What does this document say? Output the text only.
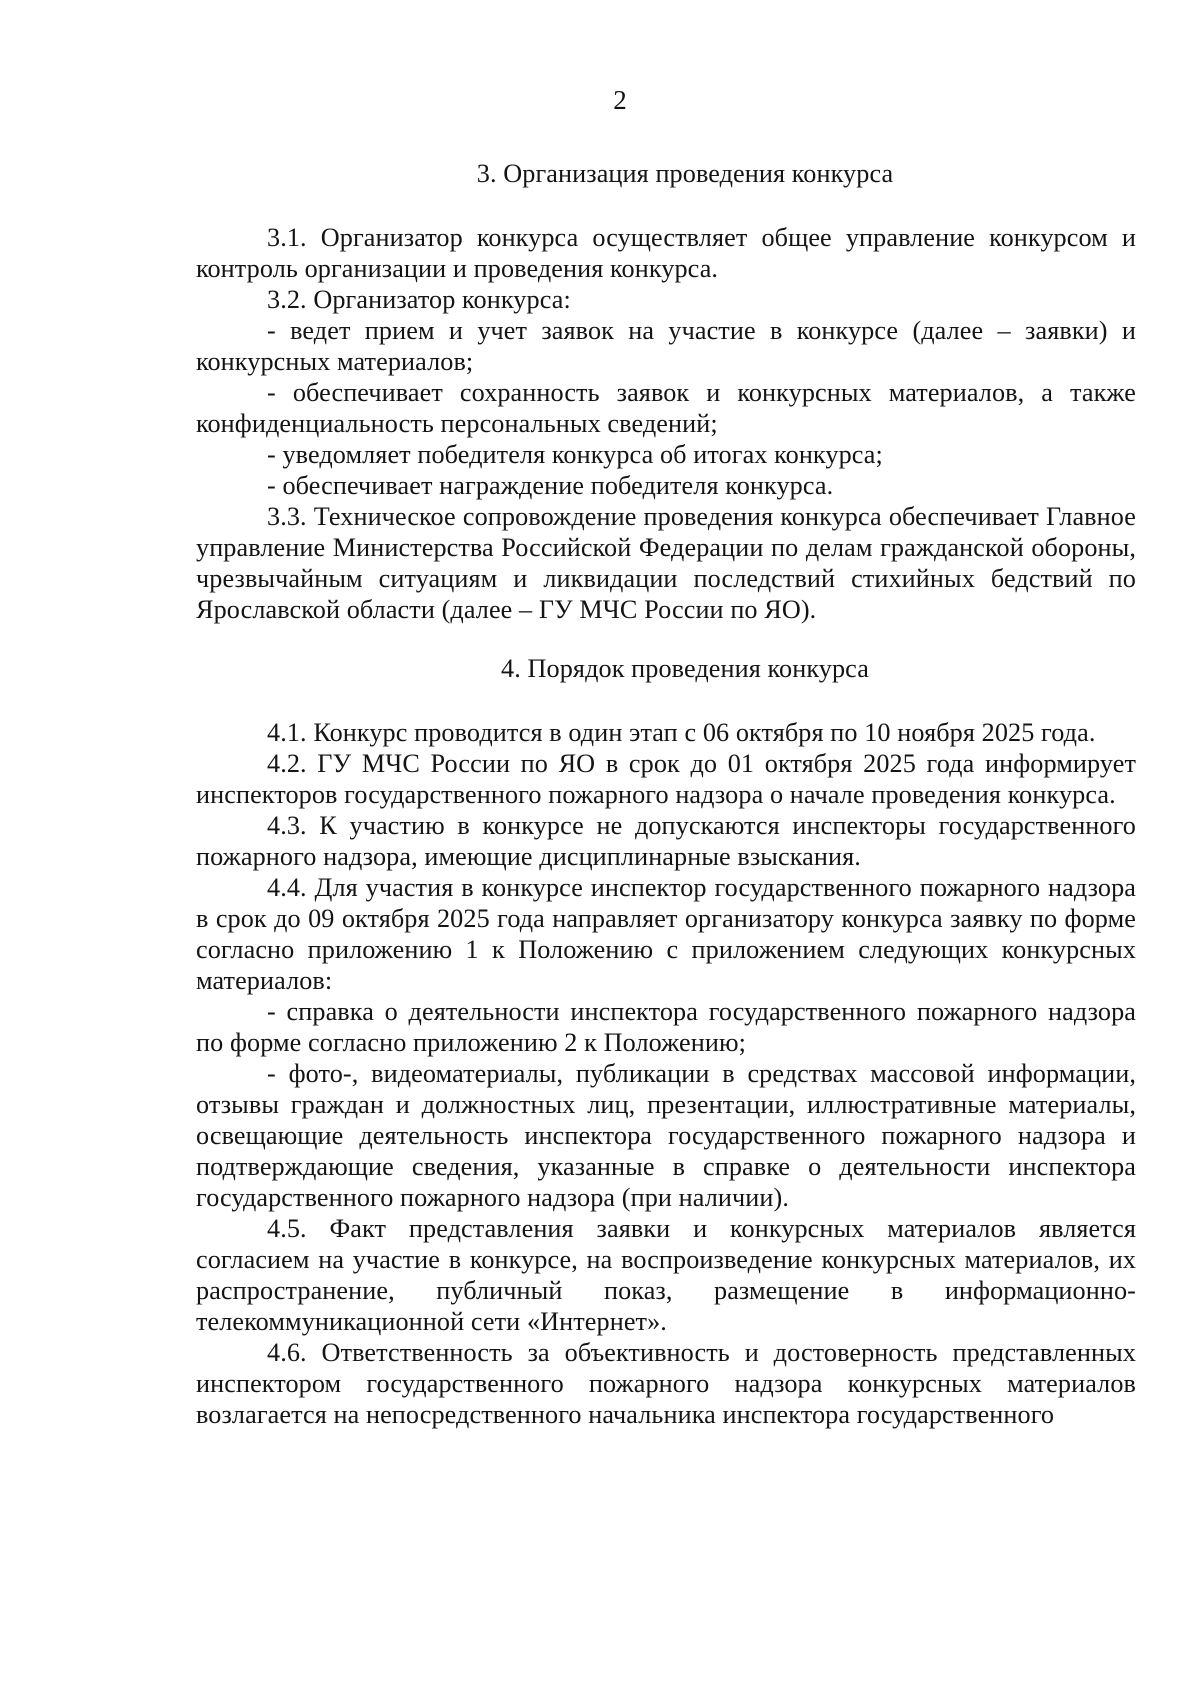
2
3. Организация проведения конкурса

3.1. Организатор конкурса осуществляет общее управление конкурсом и контроль организации и проведения конкурса.

3.2. Организатор конкурса:

- ведет прием и учет заявок на участие в конкурсе (далее – заявки) и конкурсных материалов;

- обеспечивает сохранность заявок и конкурсных материалов, а также конфиденциальность персональных сведений;

- уведомляет победителя конкурса об итогах конкурса;

- обеспечивает награждение победителя конкурса.

3.3. Техническое сопровождение проведения конкурса обеспечивает Главное управление Министерства Российской Федерации по делам гражданской обороны, чрезвычайным ситуациям и ликвидации последствий стихийных бедствий по Ярославской области (далее – ГУ МЧС России по ЯО).

4. Порядок проведения конкурса

4.1. Конкурс проводится в один этап с 06 октября по 10 ноября 2025 года.

4.2. ГУ МЧС России по ЯО в срок до 01 октября 2025 года информирует инспекторов государственного пожарного надзора о начале проведения конкурса.

4.3. К участию в конкурсе не допускаются инспекторы государственного пожарного надзора, имеющие дисциплинарные взыскания.

4.4. Для участия в конкурсе инспектор государственного пожарного надзора в срок до 09 октября 2025 года направляет организатору конкурса заявку по форме согласно приложению 1 к Положению с приложением следующих конкурсных материалов:

- справка о деятельности инспектора государственного пожарного надзора по форме согласно приложению 2 к Положению;

- фото-, видеоматериалы, публикации в средствах массовой информации, отзывы граждан и должностных лиц, презентации, иллюстративные материалы, освещающие деятельность инспектора государственного пожарного надзора и подтверждающие сведения, указанные в справке о деятельности инспектора государственного пожарного надзора (при наличии).

4.5. Факт представления заявки и конкурсных материалов является согласием на участие в конкурсе, на воспроизведение конкурсных материалов, их распространение, публичный показ, размещение в информационно-телекоммуникационной сети «Интернет».

4.6. Ответственность за объективность и достоверность представленных инспектором государственного пожарного надзора конкурсных материалов возлагается на непосредственного начальника инспектора государственного
